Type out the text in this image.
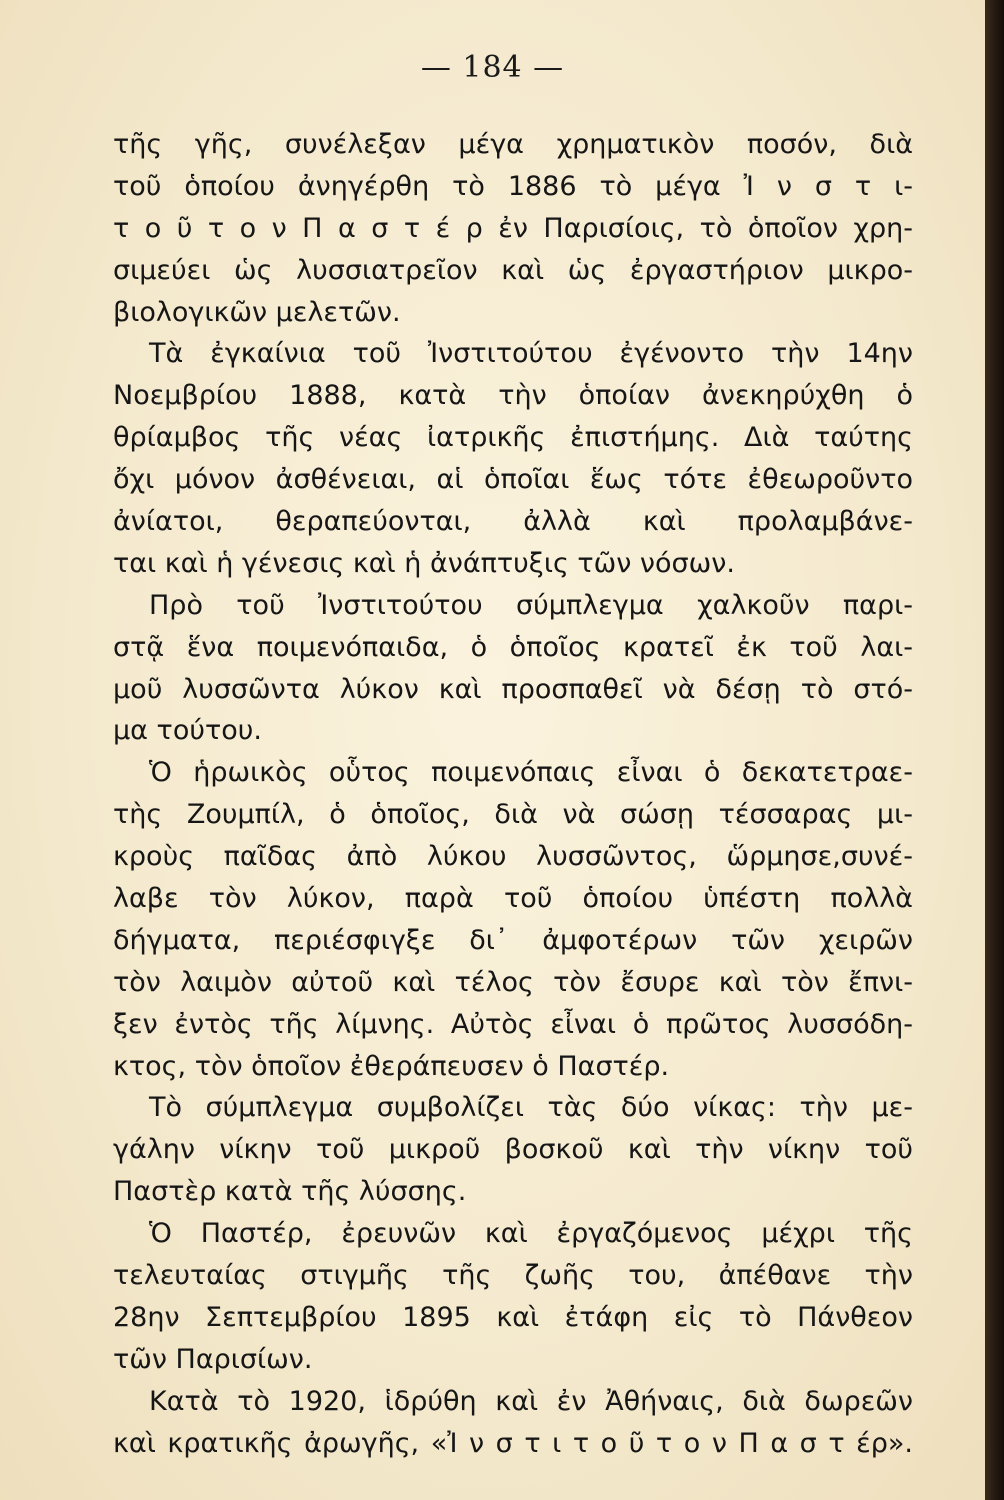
— 184 —
τῆς γῆς, συνέλεξαν μέγα χρηματικὸν ποσόν, διὰ
τοῦ ὁποίου ἀνηγέρθη τὸ 1886 τὸ μέγα Ἰ ν σ τ ι-
τ ο ῦ τ ο ν Π α σ τ έ ρ ἐν Παρισίοις, τὸ ὁποῖον χρη-
σιμεύει ὡς λυσσιατρεῖον καὶ ὡς ἐργαστήριον μικρο-
βιολογικῶν μελετῶν.
Τὰ ἐγκαίνια τοῦ Ἰνστιτούτου ἐγένοντο τὴν 14ην
Νοεμβρίου 1888, κατὰ τὴν ὁποίαν ἀνεκηρύχθη ὁ
θρίαμβος τῆς νέας ἰατρικῆς ἐπιστήμης. Διὰ ταύτης
ὄχι μόνον ἀσθένειαι, αἱ ὁποῖαι ἕως τότε ἐθεωροῦντο
ἀνίατοι, θεραπεύονται, ἀλλὰ καὶ προλαμβάνε-
ται καὶ ἡ γένεσις καὶ ἡ ἀνάπτυξις τῶν νόσων.
Πρὸ τοῦ Ἰνστιτούτου σύμπλεγμα χαλκοῦν παρι-
στᾷ ἕνα ποιμενόπαιδα, ὁ ὁποῖος κρατεῖ ἐκ τοῦ λαι-
μοῦ λυσσῶντα λύκον καὶ προσπαθεῖ νὰ δέσῃ τὸ στό-
μα τούτου.
Ὁ ἡρωικὸς οὗτος ποιμενόπαις εἶναι ὁ δεκατετραε-
τὴς Ζουμπίλ, ὁ ὁποῖος, διὰ νὰ σώσῃ τέσσαρας μι-
κροὺς παῖδας ἀπὸ λύκου λυσσῶντος, ὥρμησε,συνέ-
λαβε τὸν λύκον, παρὰ τοῦ ὁποίου ὑπέστη πολλὰ
δήγματα, περιέσφιγξε δι᾽ ἀμφοτέρων τῶν χειρῶν
τὸν λαιμὸν αὐτοῦ καὶ τέλος τὸν ἔσυρε καὶ τὸν ἔπνι-
ξεν ἐντὸς τῆς λίμνης. Αὐτὸς εἶναι ὁ πρῶτος λυσσόδη-
κτος, τὸν ὁποῖον ἐθεράπευσεν ὁ Παστέρ.
Τὸ σύμπλεγμα συμβολίζει τὰς δύο νίκας: τὴν με-
γάλην νίκην τοῦ μικροῦ βοσκοῦ καὶ τὴν νίκην τοῦ
Παστὲρ κατὰ τῆς λύσσης.
Ὁ Παστέρ, ἐρευνῶν καὶ ἐργαζόμενος μέχρι τῆς
τελευταίας στιγμῆς τῆς ζωῆς του, ἀπέθανε τὴν
28ην Σεπτεμβρίου 1895 καὶ ἐτάφη εἰς τὸ Πάνθεον
τῶν Παρισίων.
Κατὰ τὸ 1920, ἱδρύθη καὶ ἐν Ἀθήναις, διὰ δωρεῶν
καὶ κρατικῆς ἀρωγῆς, «Ἰ ν σ τ ι τ ο ῦ τ ο ν Π α σ τ έρ».
